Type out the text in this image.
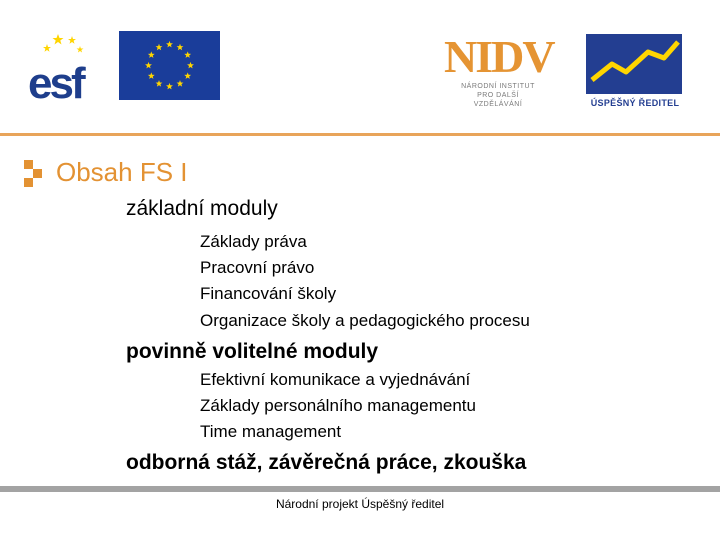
esf
NIDV
NÁRODNÍ INSTITUT
PRO DALŠÍ
VZDĚLÁVÁNÍ	ÚSPĚŠNÝ ŘEDITEL
Obsah FS I
základní moduly
Základy práva
Pracovní právo
Financování školy
Organizace školy a pedagogického procesu
povinně volitelné moduly
Efektivní komunikace a vyjednávání
Základy personálního managementu
Time management
odborná stáž, závěrečná práce, zkouška
Národní projekt Úspěšný ředitel
